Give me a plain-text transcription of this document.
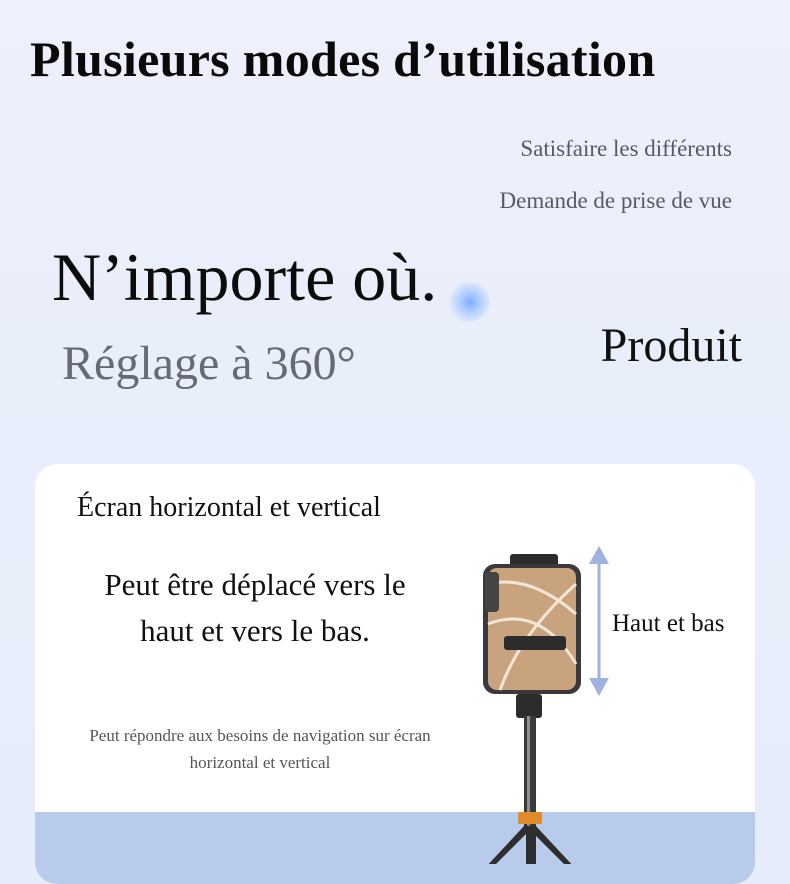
Plusieurs modes d’utilisation
Satisfaire les différents
Demande de prise de vue
N’importe où.
Réglage à 360°	Produit
Écran horizontal et vertical
Peut être déplacé vers le
haut et vers le bas.
Peut répondre aux besoins de navigation sur écran
horizontal et vertical
Haut et bas
